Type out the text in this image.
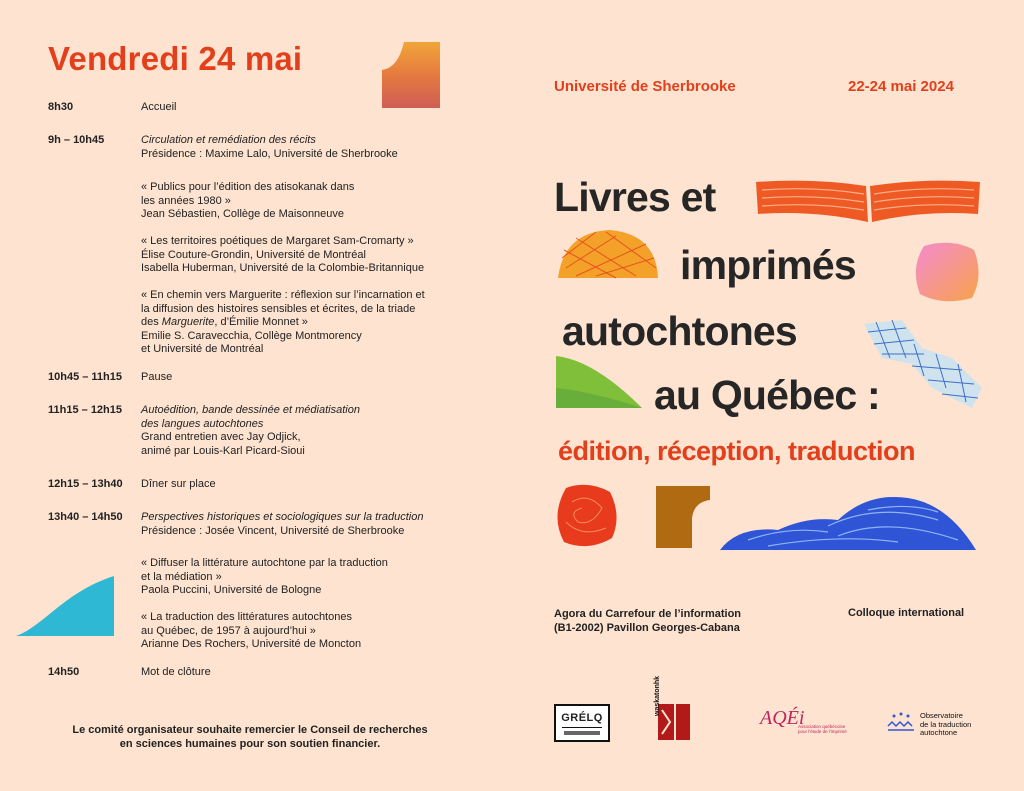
Vendredi 24 mai
8h30	Accueil
9h – 10h45	Circulation et remédiation des récits
Présidence : Maxime Lalo, Université de Sherbrooke
« Publics pour l’édition des atisokanak dans
les années 1980 »
Jean Sébastien, Collège de Maisonneuve
« Les territoires poétiques de Margaret Sam-Cromarty »
Élise Couture-Grondin, Université de Montréal
Isabella Huberman, Université de la Colombie-Britannique
« En chemin vers Marguerite : réflexion sur l’incarnation et
la diffusion des histoires sensibles et écrites, de la triade
des Marguerite, d’Émilie Monnet »
Emilie S. Caravecchia, Collège Montmorency
et Université de Montréal
10h45 – 11h15 Pause
11h15 – 12h15 Autoédition, bande dessinée et médiatisation
des langues autochtones
Grand entretien avec Jay Odjick,
animé par Louis-Karl Picard-Sioui
12h15 – 13h40 Dîner sur place
13h40 – 14h50 Perspectives historiques et sociologiques sur la traduction
Présidence : Josée Vincent, Université de Sherbrooke
« Diffuser la littérature autochtone par la traduction
et la médiation »
Paola Puccini, Université de Bologne
« La traduction des littératures autochtones
au Québec, de 1957 à aujourd’hui »
Arianne Des Rochers, Université de Moncton
14h50	Mot de clôture
Le comité organisateur souhaite remercier le Conseil de recherches
en sciences humaines pour son soutien financier.
Université de Sherbrooke	22-24 mai 2024
Livres et
imprimés
autochtones
au Québec :
édition, réception, traduction
Agora du Carrefour de l’information
(B1-2002) Pavillon Georges-Cabana
Colloque international
GRÉLQ
waskatonhk
AQÉi
Association québécoise pour l'étude de l'imprimé
Observatoire
de la traduction
autochtone
